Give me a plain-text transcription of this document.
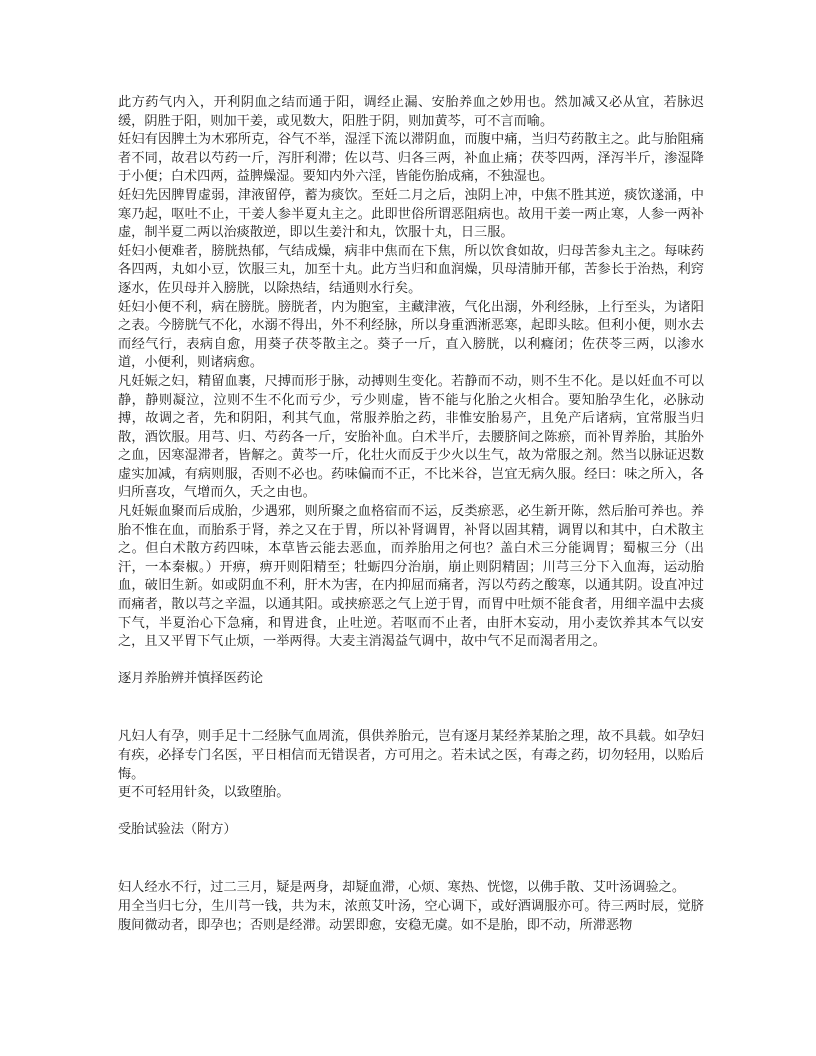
此方药气内入，开利阴血之结而通于阳，调经止漏、安胎养血之妙用也。然加减又必从宜，若脉迟缓，阴胜于阳，则加干姜，或见数大，阳胜于阴，则加黄芩，可不言而喻。

妊妇有因脾土为木邪所克，谷气不举，湿淫下流以滞阴血，而腹中痛，当归芍药散主之。此与胎阻痛者不同，故君以芍药一斤，泻肝利滞；佐以芎、归各三两，补血止痛；茯苓四两，泽泻半斤，渗湿降于小便；白术四两，益脾燥湿。要知内外六淫，皆能伤胎成痛，不独湿也。

妊妇先因脾胃虚弱，津液留停，蓄为痰饮。至妊二月之后，浊阴上冲，中焦不胜其逆，痰饮遂涌，中寒乃起，呕吐不止，干姜人参半夏丸主之。此即世俗所谓恶阻病也。故用干姜一两止寒，人参一两补虚，制半夏二两以治痰散逆，即以生姜汁和丸，饮服十丸，日三服。

妊妇小便难者，膀胱热郁，气结成燥，病非中焦而在下焦，所以饮食如故，归母苦参丸主之。每味药各四两，丸如小豆，饮服三丸，加至十丸。此方当归和血润燥，贝母清肺开郁，苦参长于治热，利窍逐水，佐贝母并入膀胱，以除热结，结通则水行矣。

妊妇小便不利，病在膀胱。膀胱者，内为胞室，主藏津液，气化出溺，外利经脉，上行至头，为诸阳之表。今膀胱气不化，水溺不得出，外不利经脉，所以身重洒淅恶寒，起即头眩。但利小便，则水去而经气行，表病自愈，用葵子茯苓散主之。葵子一斤，直入膀胱，以利癃闭；佐茯苓三两，以渗水道，小便利，则诸病愈。

凡妊娠之妇，精留血裹，尺搏而形于脉，动搏则生变化。若静而不动，则不生不化。是以妊血不可以静，静则凝泣，泣则不生不化而亏少，亏少则虚，皆不能与化胎之火相合。要知胎孕生化，必脉动搏，故调之者，先和阴阳，利其气血，常服养胎之药，非惟安胎易产，且免产后诸病，宜常服当归散，酒饮服。用芎、归、芍药各一斤，安胎补血。白术半斤，去腰脐间之陈瘀，而补胃养胎，其胎外之血，因寒湿滞者，皆解之。黄芩一斤，化壮火而反于少火以生气，故为常服之剂。然当以脉证迟数虚实加减，有病则服，否则不必也。药味偏而不正，不比米谷，岂宜无病久服。经曰：味之所入，各归所喜攻，气增而久，夭之由也。

凡妊娠血聚而后成胎，少遇邪，则所聚之血格宿而不运，反类瘀恶，必生新开陈，然后胎可养也。养胎不惟在血，而胎系于肾，养之又在于胃，所以补肾调胃，补肾以固其精，调胃以和其中，白术散主之。但白术散方药四味，本草皆云能去恶血，而养胎用之何也？盖白术三分能调胃；蜀椒三分（出汗，一本秦椒。）开痹，痹开则阳精至；牡蛎四分治崩，崩止则阴精固；川芎三分下入血海，运动胎血，破旧生新。如或阴血不利，肝木为害，在内抑屈而痛者，泻以芍药之酸寒，以通其阴。设直冲过而痛者，散以芎之辛温，以通其阳。或挟瘀恶之气上逆于胃，而胃中吐烦不能食者，用细辛温中去痰下气，半夏治心下急痛，和胃进食，止吐逆。若呕而不止者，由肝木妄动，用小麦饮养其本气以安之，且又平胃下气止烦，一举两得。大麦主消渴益气调中，故中气不足而渴者用之。

逐月养胎辨并慎择医药论

凡妇人有孕，则手足十二经脉气血周流，俱供养胎元，岂有逐月某经养某胎之理，故不具载。如孕妇有疾，必择专门名医，平日相信而无错误者，方可用之。若未试之医，有毒之药，切勿轻用，以贻后悔。

更不可轻用针灸，以致堕胎。

受胎试验法（附方）

妇人经水不行，过二三月，疑是两身，却疑血滞，心烦、寒热、恍惚，以佛手散、艾叶汤调验之。

用全当归七分，生川芎一钱，共为末，浓煎艾叶汤，空心调下，或好酒调服亦可。待三两时辰，觉脐腹间微动者，即孕也；否则是经滞。动罢即愈，安稳无虞。如不是胎，即不动，所滞恶物
